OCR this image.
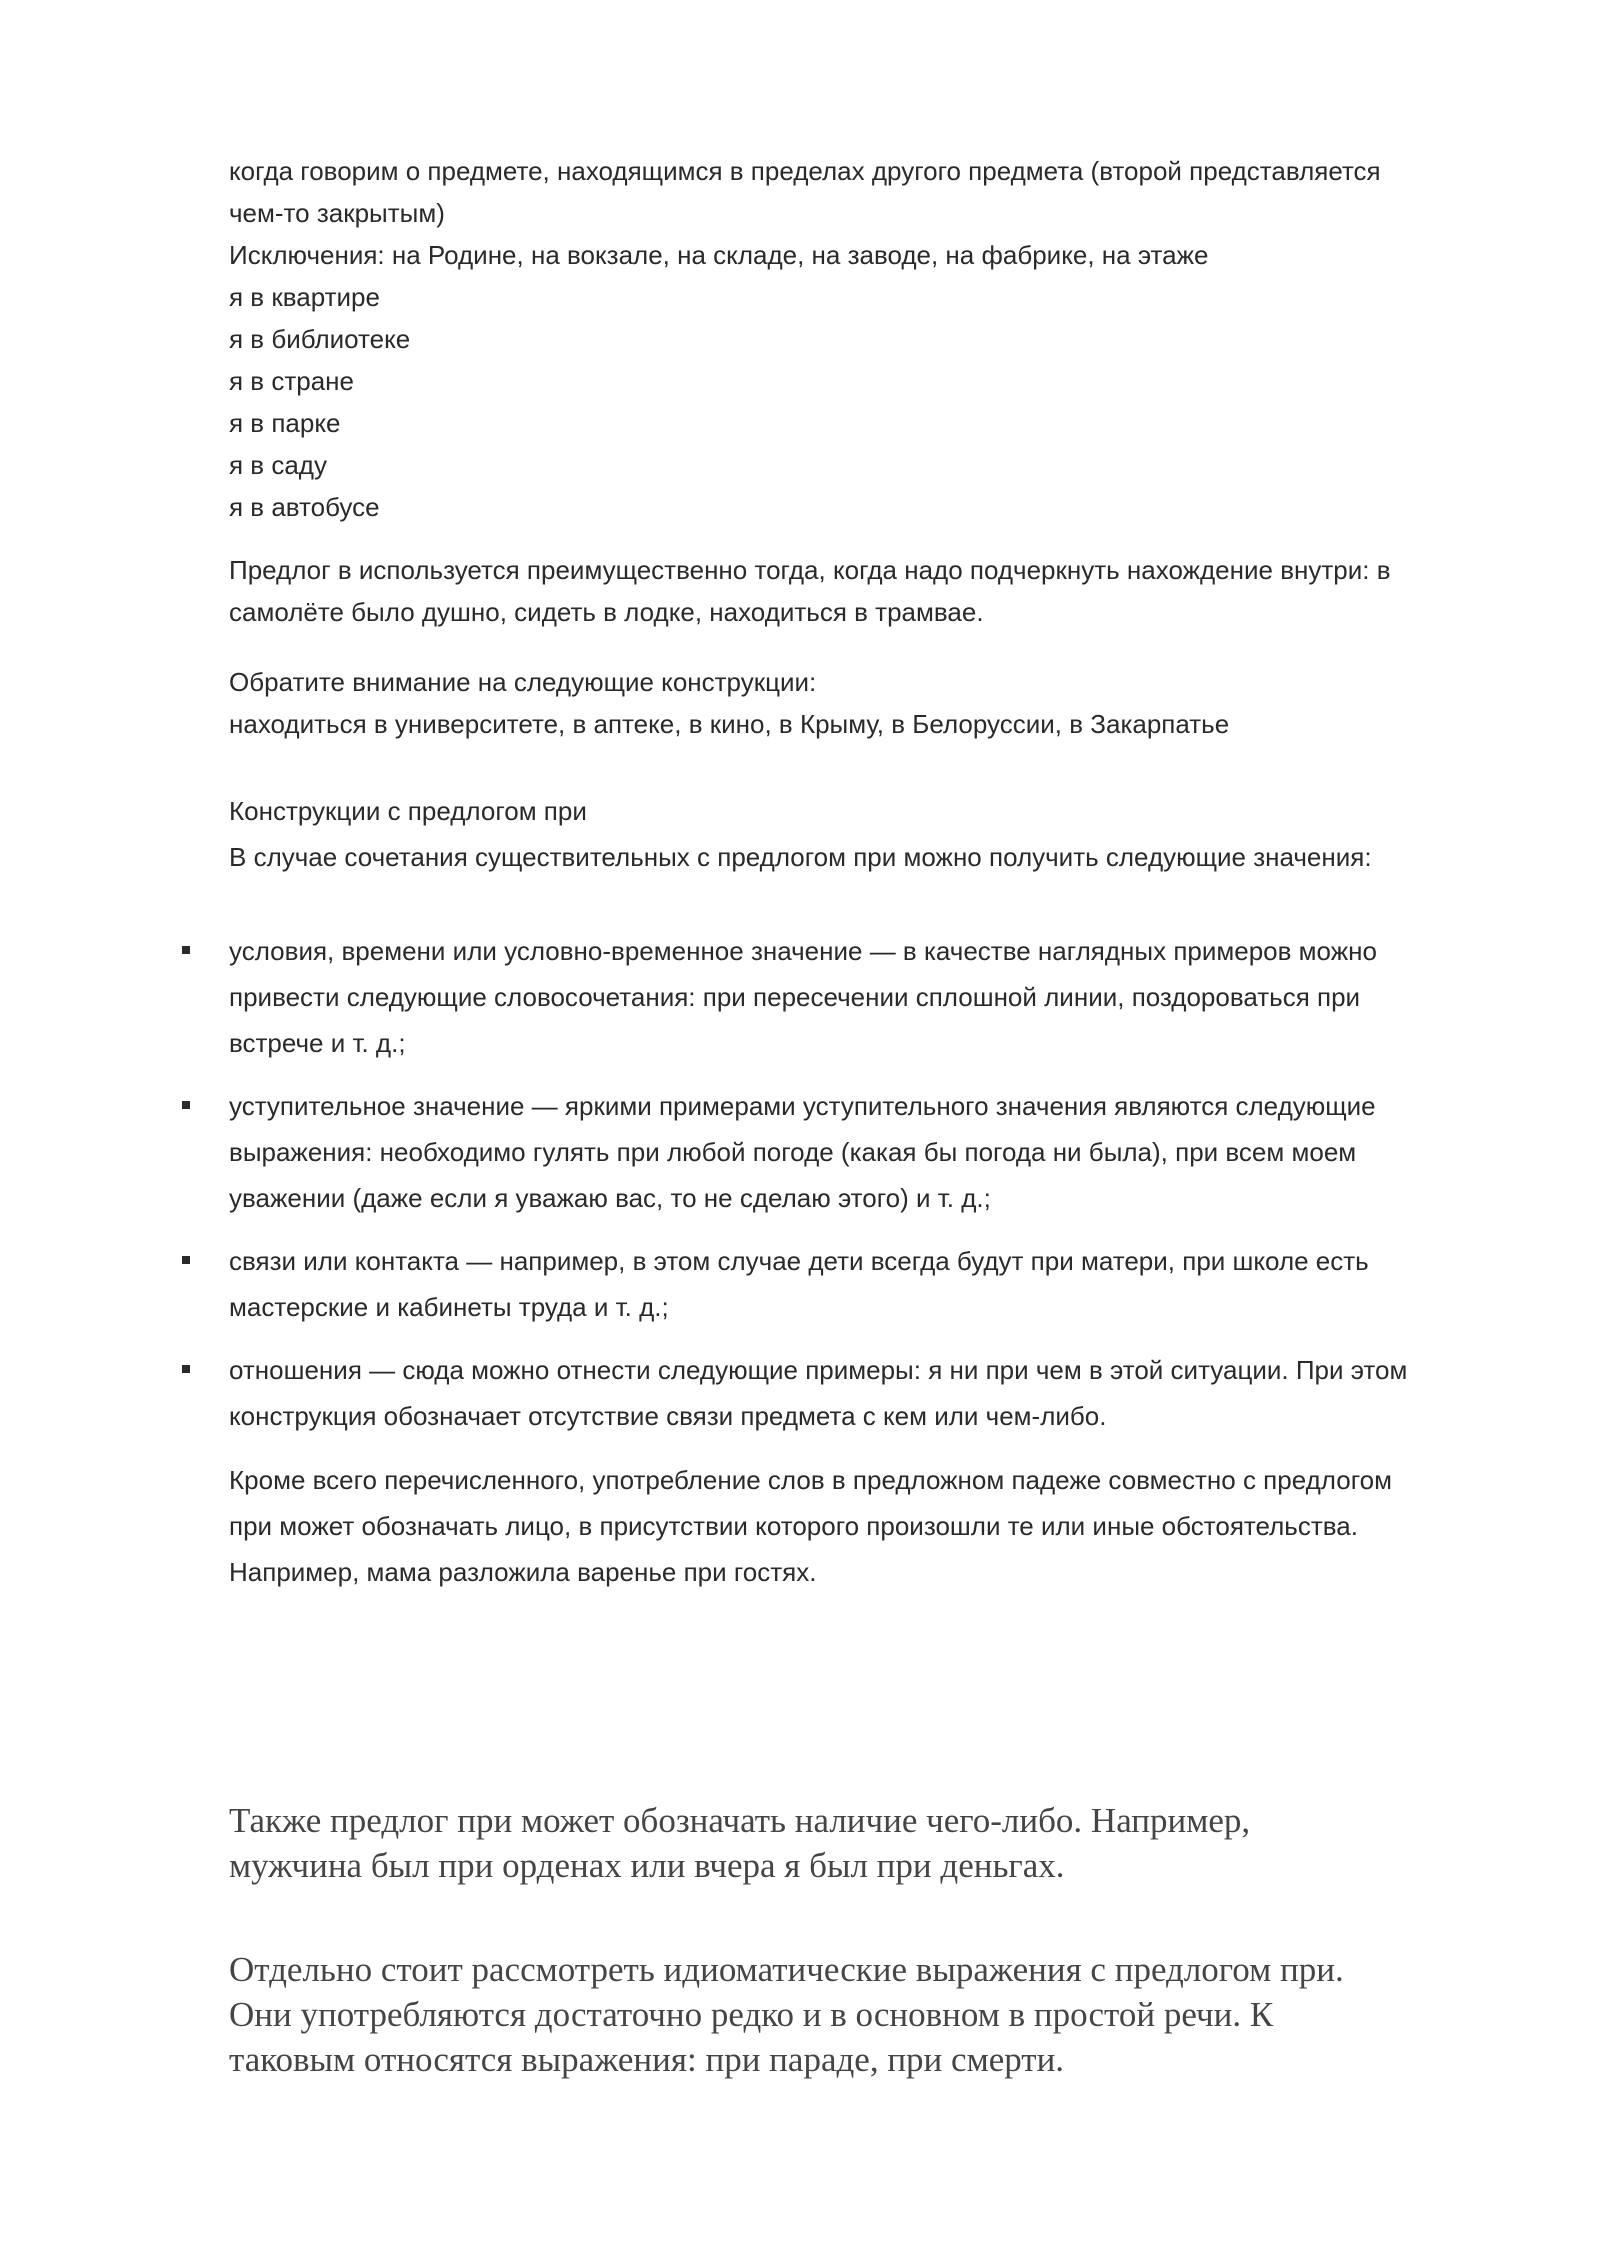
когда говорим о предмете, находящимся в пределах другого предмета (второй представляется
чем-то закрытым)
Исключения: на Родине, на вокзале, на складе, на заводе, на фабрике, на этаже
я в квартире
я в библиотеке
я в стране
я в парке
я в саду
я в автобусе
Предлог в используется преимущественно тогда, когда надо подчеркнуть нахождение внутри: в
самолёте было душно, сидеть в лодке, находиться в трамвае.
Обратите внимание на следующие конструкции:
находиться в университете, в аптеке, в кино, в Крыму, в Белоруссии, в Закарпатье
Конструкции с предлогом при
В случае сочетания существительных с предлогом при можно получить следующие значения:
условия, времени или условно-временное значение — в качестве наглядных примеров можно
привести следующие словосочетания: при пересечении сплошной линии, поздороваться при
встрече и т. д.;
уступительное значение — яркими примерами уступительного значения являются следующие
выражения: необходимо гулять при любой погоде (какая бы погода ни была), при всем моем
уважении (даже если я уважаю вас, то не сделаю этого) и т. д.;
связи или контакта — например, в этом случае дети всегда будут при матери, при школе есть
мастерские и кабинеты труда и т. д.;
отношения — сюда можно отнести следующие примеры: я ни при чем в этой ситуации. При этом
конструкция обозначает отсутствие связи предмета с кем или чем-либо.
Кроме всего перечисленного, употребление слов в предложном падеже совместно с предлогом
при может обозначать лицо, в присутствии которого произошли те или иные обстоятельства.
Например, мама разложила варенье при гостях.
Также предлог при может обозначать наличие чего-либо. Например,
мужчина был при орденах или вчера я был при деньгах.
Отдельно стоит рассмотреть идиоматические выражения с предлогом при.
Они употребляются достаточно редко и в основном в простой речи. К
таковым относятся выражения: при параде, при смерти.
